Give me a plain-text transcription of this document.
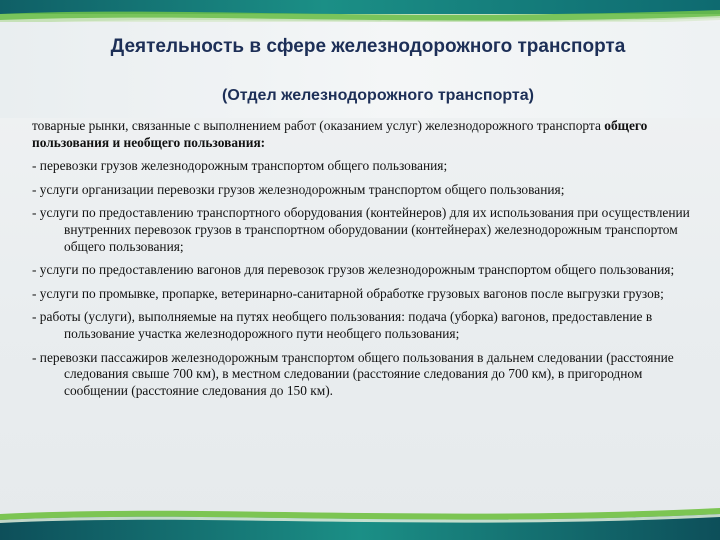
Деятельность в сфере железнодорожного транспорта
(Отдел железнодорожного транспорта)

товарные рынки, связанные с выполнением работ (оказанием услуг) железнодорожного транспорта общего пользования и необщего пользования:

- перевозки грузов железнодорожным транспортом общего пользования;

- услуги организации перевозки грузов железнодорожным транспортом общего пользования;

- услуги по предоставлению транспортного оборудования (контейнеров) для их использования при осуществлении внутренних перевозок грузов в транспортном оборудовании (контейнерах) железнодорожным транспортом общего пользования;

- услуги по предоставлению вагонов для перевозок грузов железнодорожным транспортом общего пользования;

- услуги по промывке, пропарке, ветеринарно-санитарной обработке грузовых вагонов после выгрузки грузов;

- работы (услуги), выполняемые на путях необщего пользования: подача (уборка) вагонов, предоставление в пользование участка железнодорожного пути необщего пользования;

- перевозки пассажиров железнодорожным транспортом общего пользования в дальнем следовании (расстояние следования свыше 700 км), в местном следовании (расстояние следования до 700 км), в пригородном сообщении (расстояние следования до 150 км).
